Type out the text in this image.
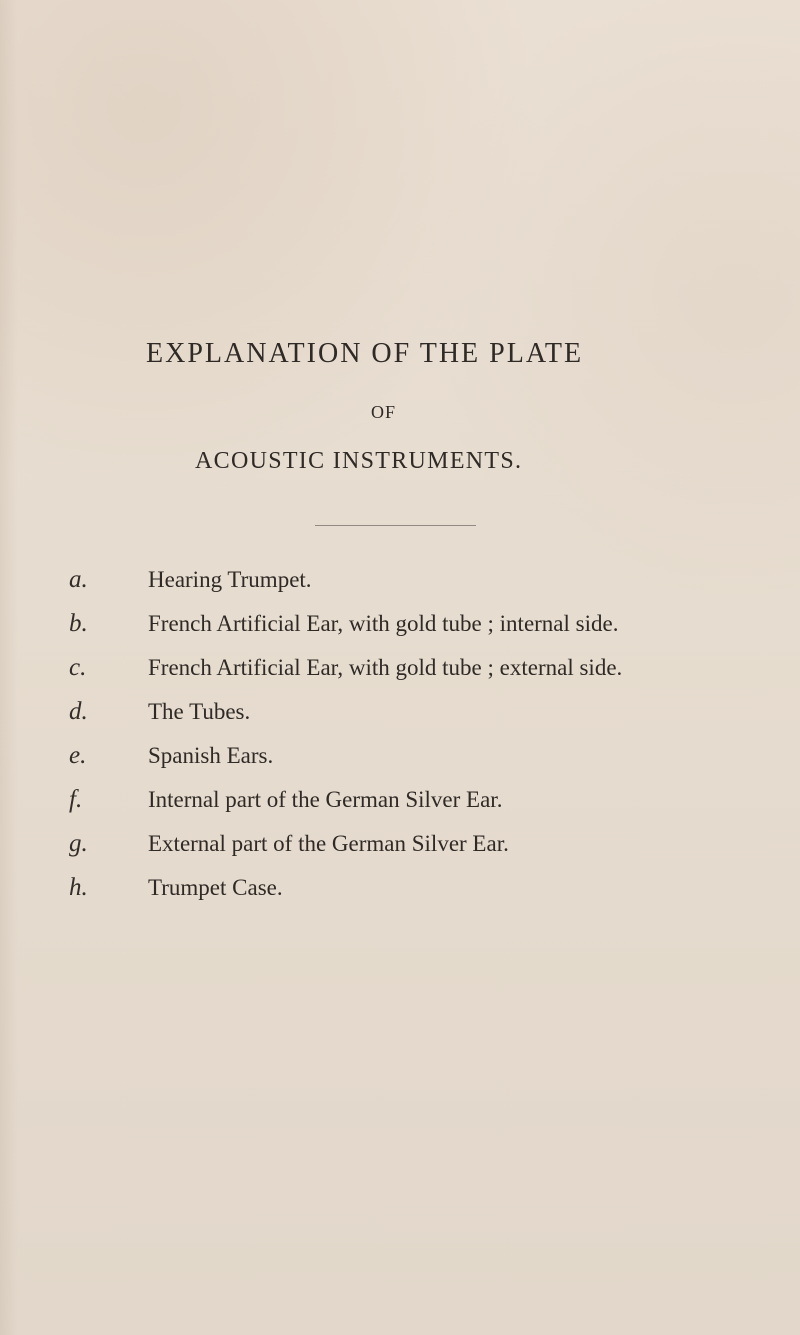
EXPLANATION OF THE PLATE
OF
ACOUSTIC INSTRUMENTS.
a.	Hearing Trumpet.
b.	French Artificial Ear, with gold tube ; internal side.
c.	French Artificial Ear, with gold tube ; external side.
d.	The Tubes.
e.	Spanish Ears.
f.	Internal part of the German Silver Ear.
g.	External part of the German Silver Ear.
h.	Trumpet Case.
